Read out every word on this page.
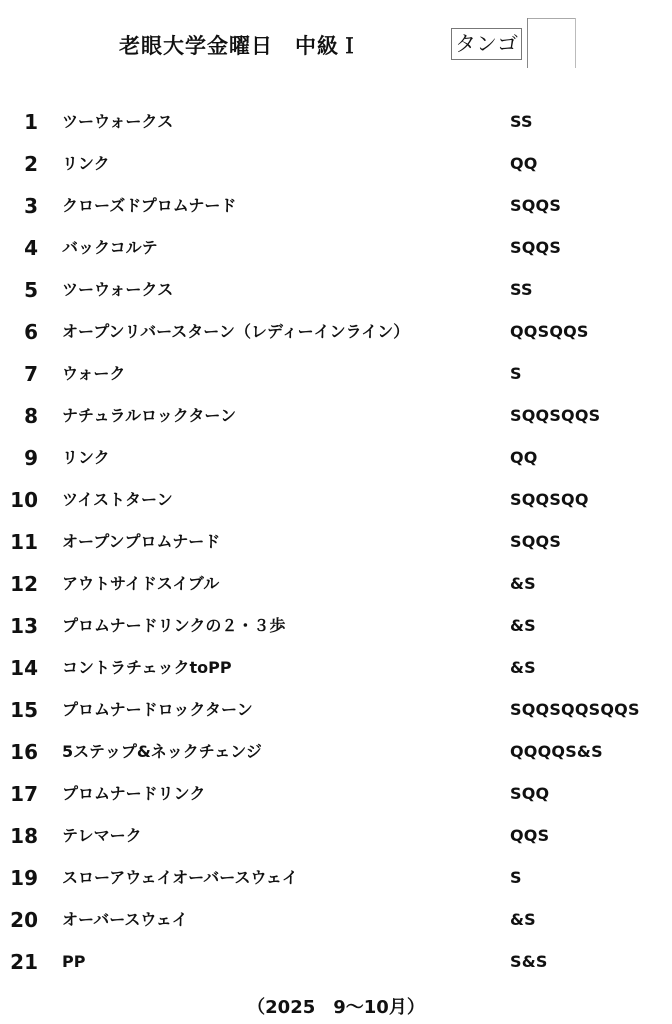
老眼大学金曜日　中級Ｉ	タンゴ
1 ツーウォークス	SS
2 リンク	QQ
3 クローズドプロムナード	SQQS
4 バックコルテ	SQQS
5 ツーウォークス	SS
6 オープンリバースターン（レディーインライン）	QQSQQS
7 ウォーク	S
8 ナチュラルロックターン	SQQSQQS
9 リンク	QQ
10 ツイストターン	SQQSQQ
11 オープンプロムナード	SQQS
12 アウトサイドスイブル	&S
13 プロムナードリンクの２・３歩	&S
14 コントラチェックtoPP	&S
15 プロムナードロックターン	SQQSQQSQQS
16 5ステップ&ネックチェンジ	QQQQS&S
17 プロムナードリンク	SQQ
18 テレマーク	QQS
19 スローアウェイオーバースウェイ	S
20 オーバースウェイ	&S
21 PP	S&S
（2025　9～10月）
